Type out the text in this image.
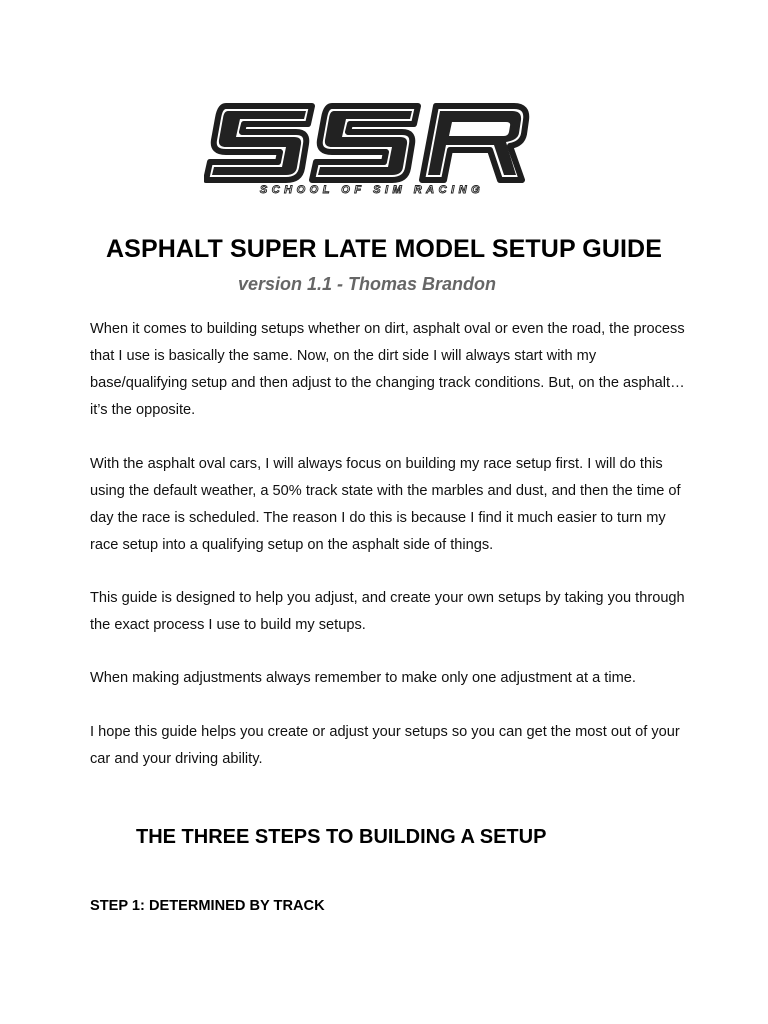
SCHOOL OF SIM RACING
ASPHALT SUPER LATE MODEL SETUP GUIDE
version 1.1 - Thomas Brandon

When it comes to building setups whether on dirt, asphalt oval or even the road, the process that I use is basically the same. Now, on the dirt side I will always start with my base/qualifying setup and then adjust to the changing track conditions. But, on the asphalt… it’s the opposite.

With the asphalt oval cars, I will always focus on building my race setup first. I will do this using the default weather, a 50% track state with the marbles and dust, and then the time of day the race is scheduled. The reason I do this is because I find it much easier to turn my race setup into a qualifying setup on the asphalt side of things.

This guide is designed to help you adjust, and create your own setups by taking you through the exact process I use to build my setups.

When making adjustments always remember to make only one adjustment at a time.

I hope this guide helps you create or adjust your setups so you can get the most out of your car and your driving ability.

THE THREE STEPS TO BUILDING A SETUP
STEP 1: DETERMINED BY TRACK
